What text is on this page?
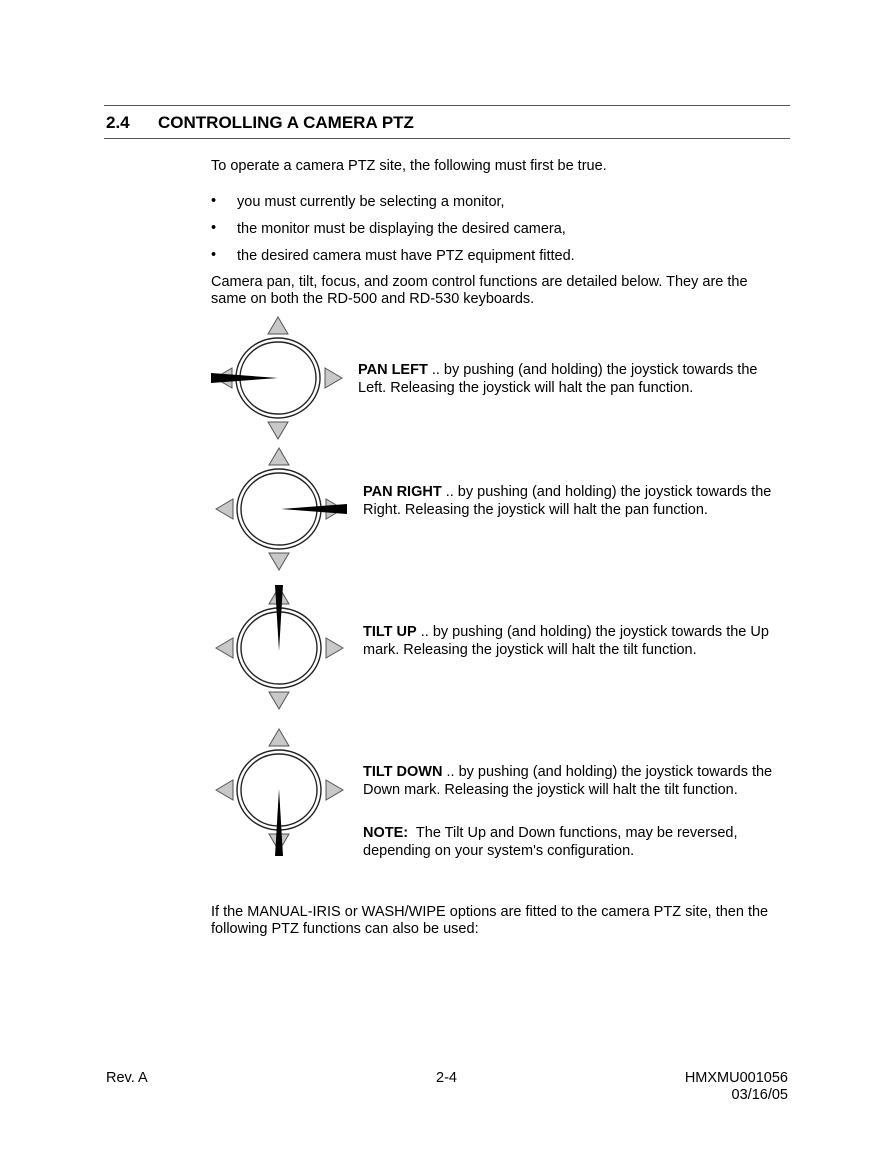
2.4 CONTROLLING A CAMERA PTZ
To operate a camera PTZ site, the following must first be true.
• you must currently be selecting a monitor,
• the monitor must be displaying the desired camera,
• the desired camera must have PTZ equipment fitted.
Camera pan, tilt, focus, and zoom control functions are detailed below. They are the
same on both the RD-500 and RD-530 keyboards.
PAN LEFT .. by pushing (and holding) the joystick towards the
Left. Releasing the joystick will halt the pan function.
PAN RIGHT .. by pushing (and holding) the joystick towards the
Right. Releasing the joystick will halt the pan function.
TILT UP .. by pushing (and holding) the joystick towards the Up
mark. Releasing the joystick will halt the tilt function.
TILT DOWN .. by pushing (and holding) the joystick towards the
Down mark. Releasing the joystick will halt the tilt function.
NOTE:  The Tilt Up and Down functions, may be reversed,
depending on your system's configuration.
If the MANUAL-IRIS or WASH/WIPE options are fitted to the camera PTZ site, then the
following PTZ functions can also be used:
Rev. A	2-4	HMXMU001056
03/16/05
